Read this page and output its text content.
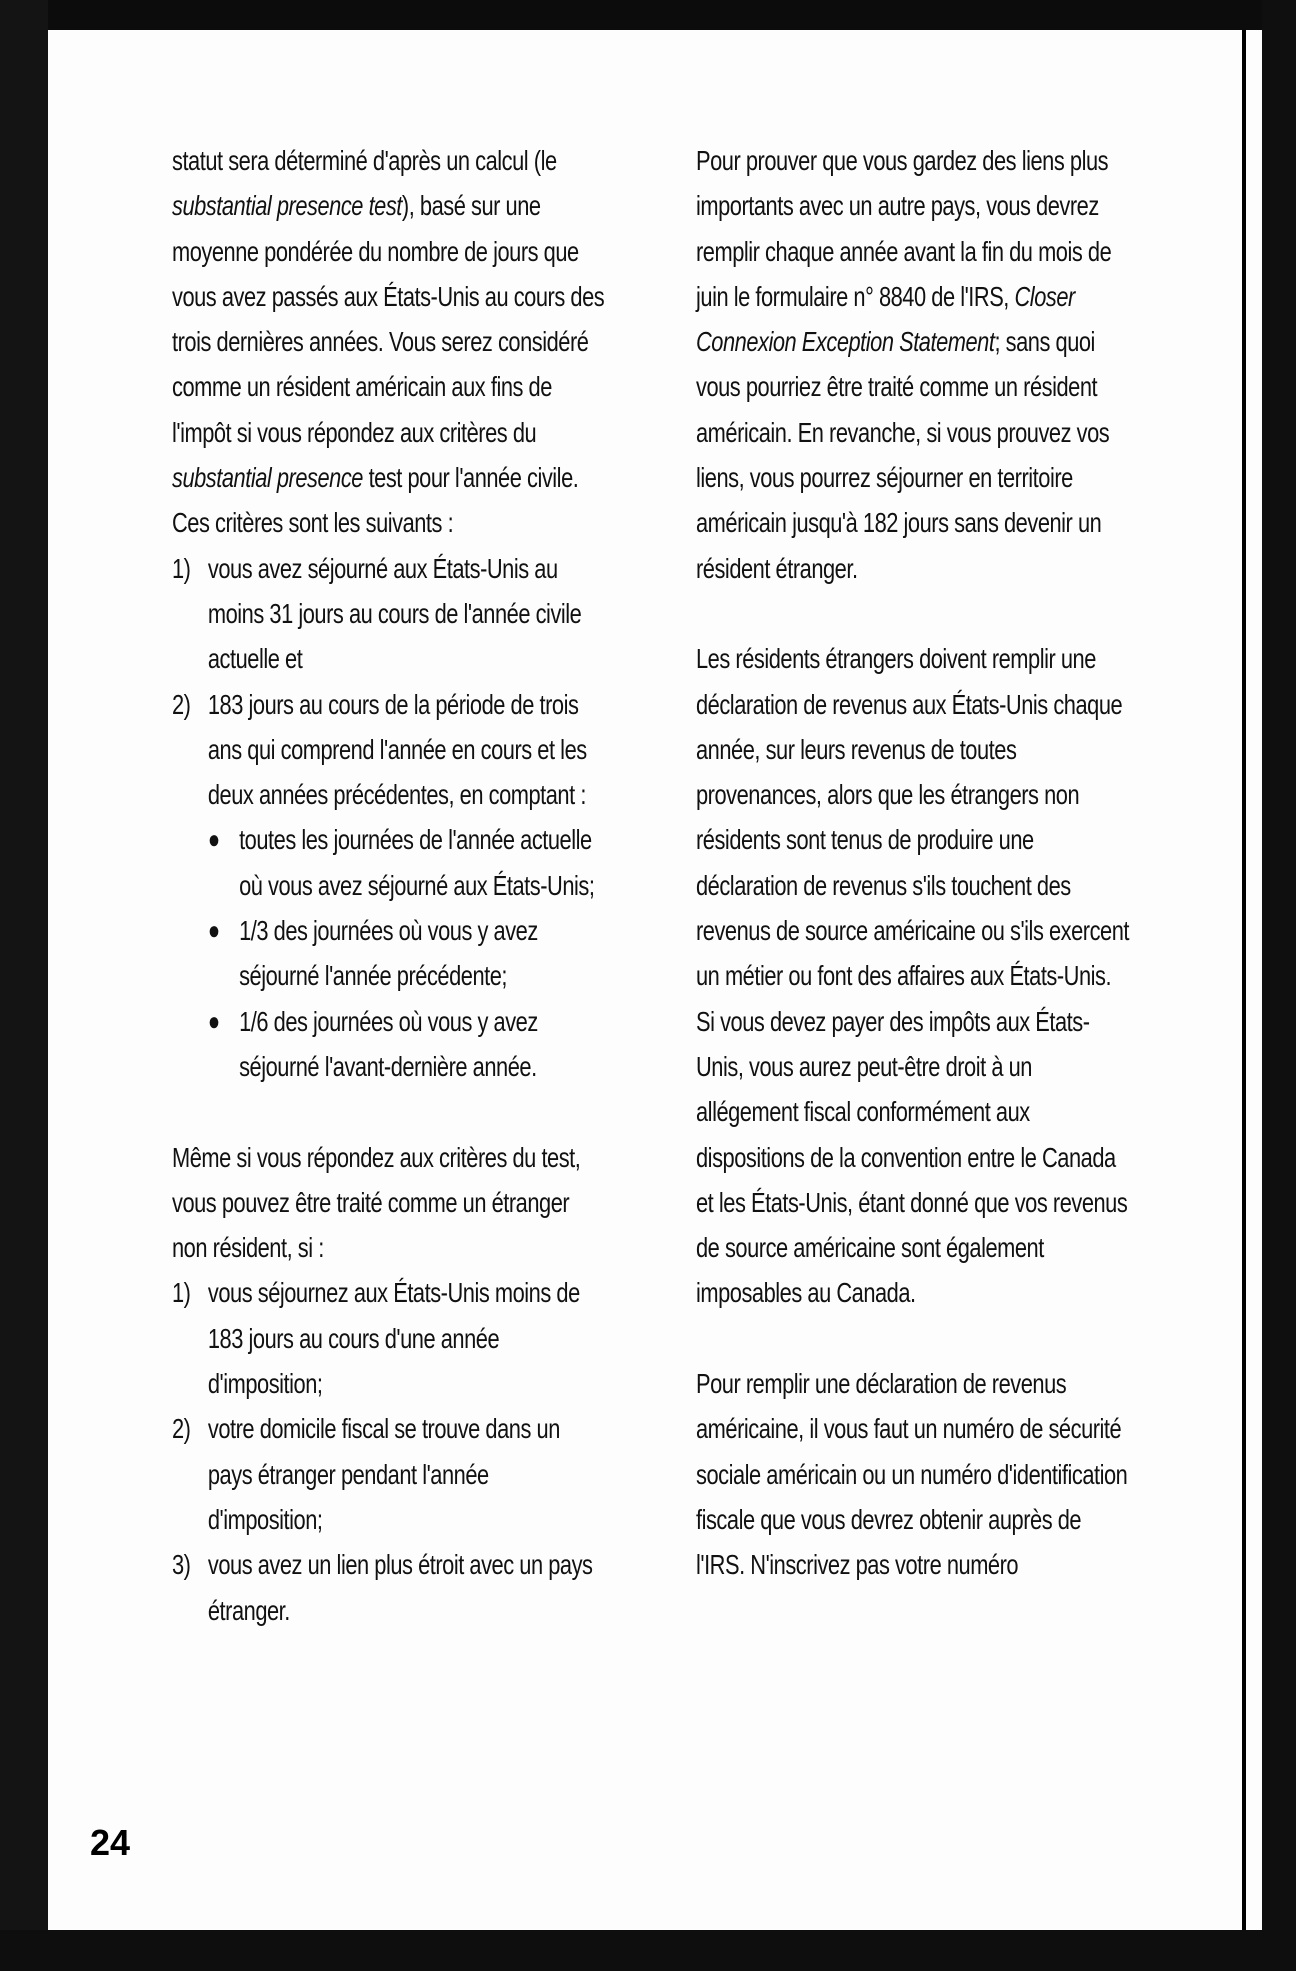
statut sera déterminé d'après un calcul (le substantial presence test), basé sur une moyenne pondérée du nombre de jours que vous avez passés aux États-Unis au cours des trois dernières années. Vous serez considéré comme un résident américain aux fins de l'impôt si vous répondez aux critères du substantial presence test pour l'année civile. Ces critères sont les suivants :

1) vous avez séjourné aux États-Unis au moins 31 jours au cours de l'année civile actuelle et
2) 183 jours au cours de la période de trois ans qui comprend l'année en cours et les deux années précédentes, en comptant :
● toutes les journées de l'année actuelle où vous avez séjourné aux États-Unis;
● 1/3 des journées où vous y avez séjourné l'année précédente;
● 1/6 des journées où vous y avez séjourné l'avant-dernière année.

Même si vous répondez aux critères du test, vous pouvez être traité comme un étranger non résident, si :

1) vous séjournez aux États-Unis moins de 183 jours au cours d'une année d'imposition;
2) votre domicile fiscal se trouve dans un pays étranger pendant l'année d'imposition;
3) vous avez un lien plus étroit avec un pays étranger.

Pour prouver que vous gardez des liens plus importants avec un autre pays, vous devrez remplir chaque année avant la fin du mois de juin le formulaire n° 8840 de l'IRS, Closer Connexion Exception Statement; sans quoi vous pourriez être traité comme un résident américain. En revanche, si vous prouvez vos liens, vous pourrez séjourner en territoire américain jusqu'à 182 jours sans devenir un résident étranger.

Les résidents étrangers doivent remplir une déclaration de revenus aux États-Unis chaque année, sur leurs revenus de toutes provenances, alors que les étrangers non résidents sont tenus de produire une déclaration de revenus s'ils touchent des revenus de source américaine ou s'ils exercent un métier ou font des affaires aux États-Unis.

Si vous devez payer des impôts aux États-Unis, vous aurez peut-être droit à un allégement fiscal conformément aux dispositions de la convention entre le Canada et les États-Unis, étant donné que vos revenus de source américaine sont également imposables au Canada.

Pour remplir une déclaration de revenus américaine, il vous faut un numéro de sécurité sociale américain ou un numéro d'identification fiscale que vous devrez obtenir auprès de l'IRS. N'inscrivez pas votre numéro

24
